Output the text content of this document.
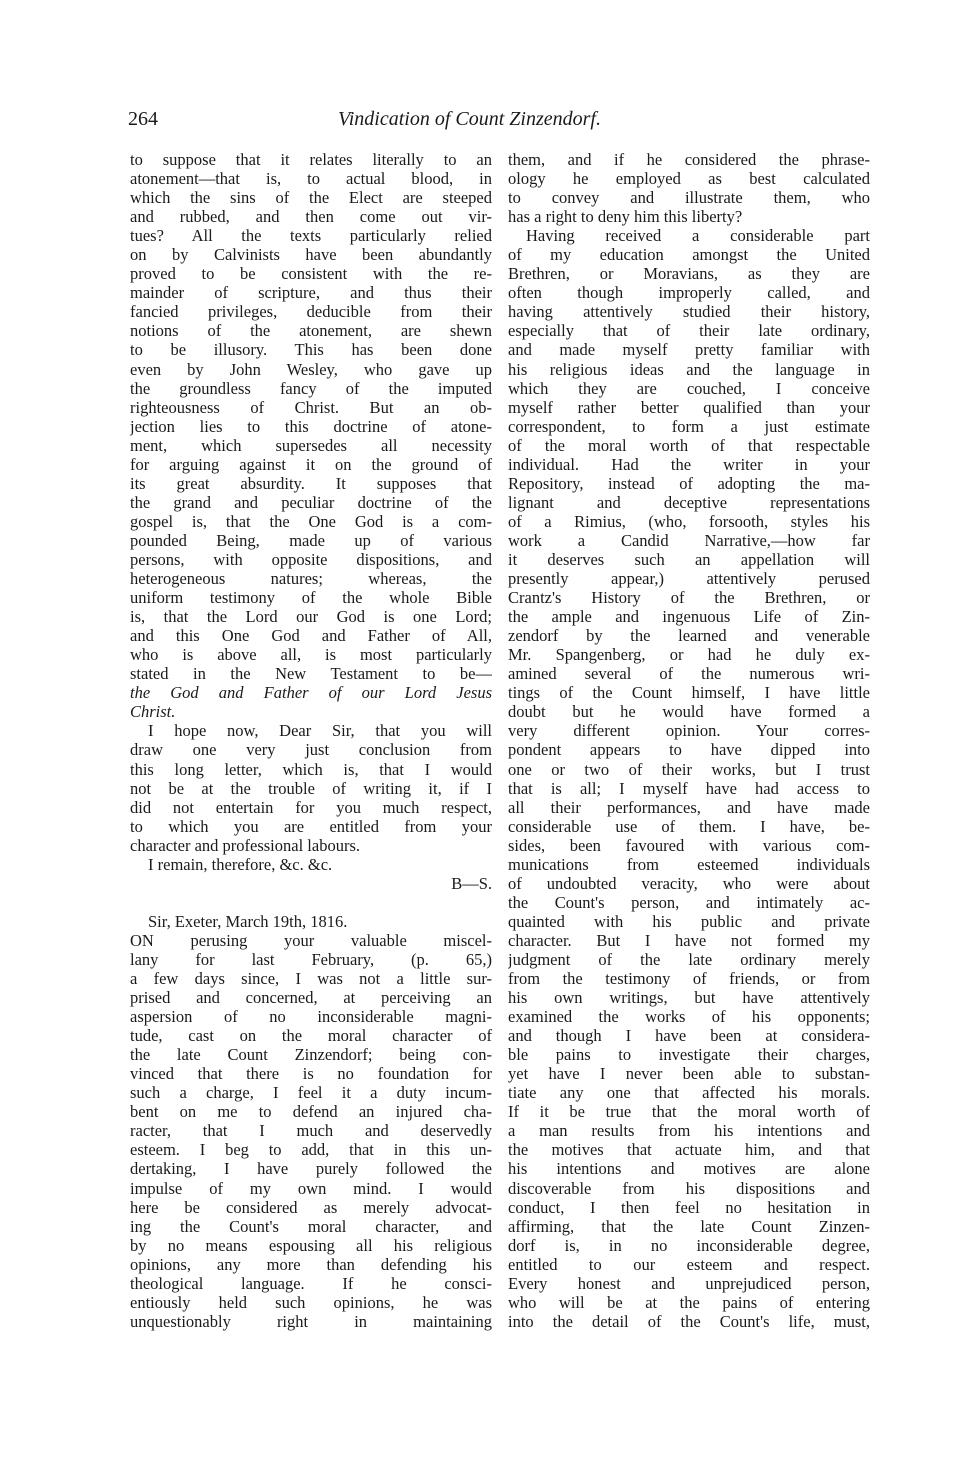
264	Vindication of Count Zinzendorf.
to suppose that it relates literally to an
atonement—that is, to actual blood, in
which the sins of the Elect are steeped
and rubbed, and then come out vir-
tues? All the texts particularly relied
on by Calvinists have been abundantly
proved to be consistent with the re-
mainder of scripture, and thus their
fancied privileges, deducible from their
notions of the atonement, are shewn
to be illusory. This has been done
even by John Wesley, who gave up
the groundless fancy of the imputed
righteousness of Christ. But an ob-
jection lies to this doctrine of atone-
ment, which supersedes all necessity
for arguing against it on the ground of
its great absurdity. It supposes that
the grand and peculiar doctrine of the
gospel is, that the One God is a com-
pounded Being, made up of various
persons, with opposite dispositions, and
heterogeneous natures; whereas, the
uniform testimony of the whole Bible
is, that the Lord our God is one Lord;
and this One God and Father of All,
who is above all, is most particularly
stated in the New Testament to be—
the God and Father of our Lord Jesus
Christ.
I hope now, Dear Sir, that you will
draw one very just conclusion from
this long letter, which is, that I would
not be at the trouble of writing it, if I
did not entertain for you much respect,
to which you are entitled from your
character and professional labours.
I remain, therefore, &c. &c.
B—S.
Sir, Exeter, March 19th, 1816.
ON perusing your valuable miscel-
lany for last February, (p. 65,)
a few days since, I was not a little sur-
prised and concerned, at perceiving an
aspersion of no inconsiderable magni-
tude, cast on the moral character of
the late Count Zinzendorf; being con-
vinced that there is no foundation for
such a charge, I feel it a duty incum-
bent on me to defend an injured cha-
racter, that I much and deservedly
esteem. I beg to add, that in this un-
dertaking, I have purely followed the
impulse of my own mind. I would
here be considered as merely advocat-
ing the Count's moral character, and
by no means espousing all his religious
opinions, any more than defending his
theological language. If he consci-
entiously held such opinions, he was
unquestionably right in maintaining
them, and if he considered the phrase-
ology he employed as best calculated
to convey and illustrate them, who
has a right to deny him this liberty?
Having received a considerable part
of my education amongst the United
Brethren, or Moravians, as they are
often though improperly called, and
having attentively studied their history,
especially that of their late ordinary,
and made myself pretty familiar with
his religious ideas and the language in
which they are couched, I conceive
myself rather better qualified than your
correspondent, to form a just estimate
of the moral worth of that respectable
individual. Had the writer in your
Repository, instead of adopting the ma-
lignant and deceptive representations
of a Rimius, (who, forsooth, styles his
work a Candid Narrative,—how far
it deserves such an appellation will
presently appear,) attentively perused
Crantz's History of the Brethren, or
the ample and ingenuous Life of Zin-
zendorf by the learned and venerable
Mr. Spangenberg, or had he duly ex-
amined several of the numerous wri-
tings of the Count himself, I have little
doubt but he would have formed a
very different opinion. Your corres-
pondent appears to have dipped into
one or two of their works, but I trust
that is all; I myself have had access to
all their performances, and have made
considerable use of them. I have, be-
sides, been favoured with various com-
munications from esteemed individuals
of undoubted veracity, who were about
the Count's person, and intimately ac-
quainted with his public and private
character. But I have not formed my
judgment of the late ordinary merely
from the testimony of friends, or from
his own writings, but have attentively
examined the works of his opponents;
and though I have been at considera-
ble pains to investigate their charges,
yet have I never been able to substan-
tiate any one that affected his morals.
If it be true that the moral worth of
a man results from his intentions and
the motives that actuate him, and that
his intentions and motives are alone
discoverable from his dispositions and
conduct, I then feel no hesitation in
affirming, that the late Count Zinzen-
dorf is, in no inconsiderable degree,
entitled to our esteem and respect.
Every honest and unprejudiced person,
who will be at the pains of entering
into the detail of the Count's life, must,
